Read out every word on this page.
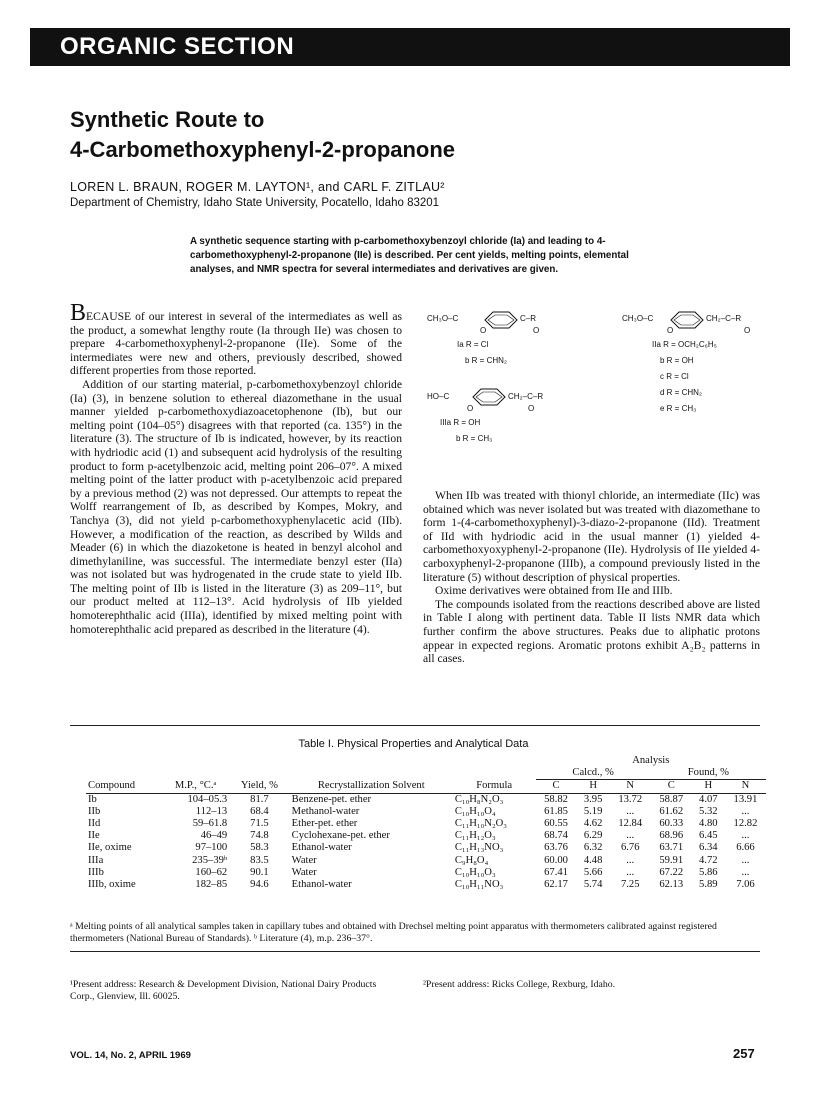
ORGANIC SECTION
Synthetic Route to
4-Carbomethoxyphenyl-2-propanone
LOREN L. BRAUN, ROGER M. LAYTON¹, and CARL F. ZITLAU²
Department of Chemistry, Idaho State University, Pocatello, Idaho 83201
A synthetic sequence starting with p-carbomethoxybenzoyl chloride (Ia) and leading to 4-carbomethoxyphenyl-2-propanone (IIe) is described. Per cent yields, melting points, elemental analyses, and NMR spectra for several intermediates and derivatives are given.

BECAUSE of our interest in several of the intermediates as well as the product, a somewhat lengthy route (Ia through IIe) was chosen to prepare 4-carbomethoxyphenyl-2-propanone (IIe). Some of the intermediates were new and others, previously described, showed different properties from those reported.

Addition of our starting material, p-carbomethoxybenzoyl chloride (Ia) (3), in benzene solution to ethereal diazomethane in the usual manner yielded p-carbomethoxydiazoacetophenone (Ib), but our melting point (104–05°) disagrees with that reported (ca. 135°) in the literature (3). The structure of Ib is indicated, however, by its reaction with hydriodic acid (1) and subsequent acid hydrolysis of the resulting product to form p-acetylbenzoic acid, melting point 206–07°. A mixed melting point of the latter product with p-acetylbenzoic acid prepared by a previous method (2) was not depressed. Our attempts to repeat the Wolff rearrangement of Ib, as described by Kompes, Mokry, and Tanchya (3), did not yield p-carbomethoxyphenylacetic acid (IIb). However, a modification of the reaction, as described by Wilds and Meader (6) in which the diazoketone is heated in benzyl alcohol and dimethylaniline, was successful. The intermediate benzyl ester (IIa) was not isolated but was hydrogenated in the crude state to yield IIb. The melting point of IIb is listed in the literature (3) as 209–11°, but our product melted at 112–13°. Acid hydrolysis of IIb yielded homoterephthalic acid (IIIa), identified by mixed melting point with homoterephthalic acid prepared as described in the literature (4).

CH₃O–C	C–R
O	O
Ia R = Cl
b R = CHN₂
CH₃O–C	CH₂–C–R
O	O
IIa R = OCH₂C₆H₅
b R = OH
c R = Cl
d R = CHN₂
e R = CH₃
HO–C	CH₂–C–R
O	O
IIIa R = OH
b R = CH₃

When IIb was treated with thionyl chloride, an intermediate (IIc) was obtained which was never isolated but was treated with diazomethane to form 1-(4-carbomethoxyphenyl)-3-diazo-2-propanone (IId). Treatment of IId with hydriodic acid in the usual manner (1) yielded 4-carbomethoxyoxyphenyl-2-propanone (IIe). Hydrolysis of IIe yielded 4-carboxyphenyl-2-propanone (IIIb), a compound previously listed in the literature (5) without description of physical properties.

Oxime derivatives were obtained from IIe and IIIb.

The compounds isolated from the reactions described above are listed in Table I along with pertinent data. Table II lists NMR data which further confirm the above structures. Peaks due to aliphatic protons appear in expected regions. Aromatic protons exhibit A₂B₂ patterns in all cases.

Table I. Physical Properties and Analytical Data
					Analysis					
					Calcd., %			Found, %		
Compound	M.P., °C.ᵃ	Yield, %	Recrystallization Solvent	Formula	C	H	N	C	H	N
Ib	104–05.3	81.7	Benzene-pet. ether	C₁₀H₈N₂O₃	58.82	3.95	13.72	58.87	4.07	13.91
IIb	112–13	68.4	Methanol-water	C₁₀H₁₀O₄	61.85	5.19	...	61.62	5.32	...
IId	59–61.8	71.5	Ether-pet. ether	C₁₁H₁₀N₂O₃	60.55	4.62	12.84	60.33	4.80	12.82
IIe	46–49	74.8	Cyclohexane-pet. ether	C₁₁H₁₂O₃	68.74	6.29	...	68.96	6.45	...
IIe, oxime	97–100	58.3	Ethanol-water	C₁₁H₁₃NO₃	63.76	6.32	6.76	63.71	6.34	6.66
IIIa	235–39ᵇ	83.5	Water	C₉H₈O₄	60.00	4.48	...	59.91	4.72	...
IIIb	160–62	90.1	Water	C₁₀H₁₀O₃	67.41	5.66	...	67.22	5.86	...
IIIb, oxime	182–85	94.6	Ethanol-water	C₁₀H₁₁NO₃	62.17	5.74	7.25	62.13	5.89	7.06
ᵃ Melting points of all analytical samples taken in capillary tubes and obtained with Drechsel melting point apparatus with thermometers calibrated against registered thermometers (National Bureau of Standards). ᵇ Literature (4), m.p. 236–37°.
¹Present address: Research & Development Division, National Dairy Products Corp., Glenview, Ill. 60025.
²Present address: Ricks College, Rexburg, Idaho.
VOL. 14, No. 2, APRIL 1969	257
